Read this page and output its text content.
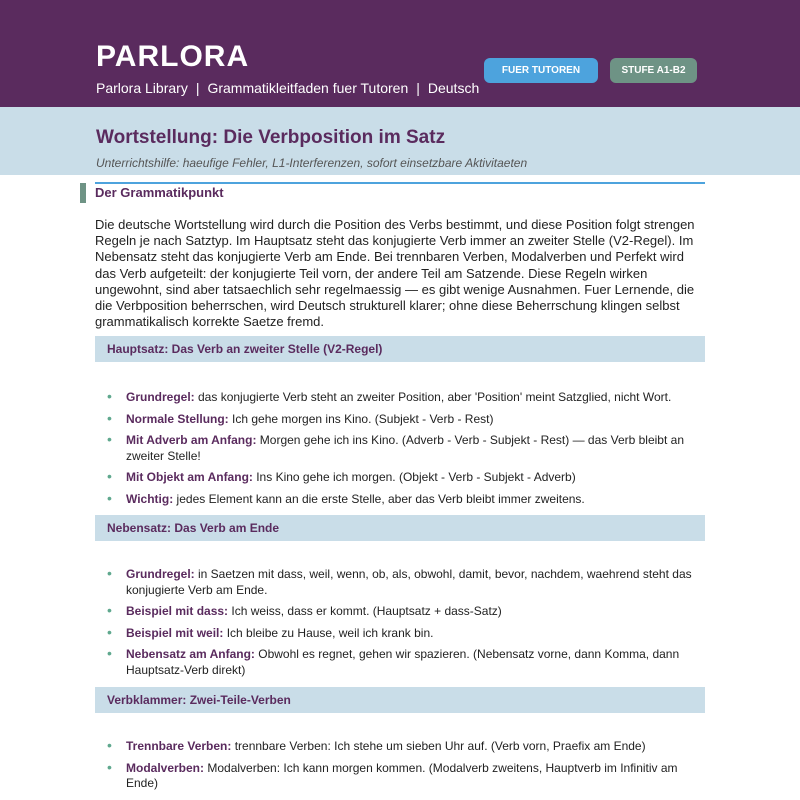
PARLORA
Parlora Library | Grammatikleitfaden fuer Tutoren | Deutsch
FUER TUTOREN	STUFE A1-B2
Wortstellung: Die Verbposition im Satz
Unterrichtshilfe: haeufige Fehler, L1-Interferenzen, sofort einsetzbare Aktivitaeten
Der Grammatikpunkt
Die deutsche Wortstellung wird durch die Position des Verbs bestimmt, und diese Position folgt strengen Regeln je nach Satztyp. Im Hauptsatz steht das konjugierte Verb immer an zweiter Stelle (V2-Regel). Im Nebensatz steht das konjugierte Verb am Ende. Bei trennbaren Verben, Modalverben und Perfekt wird das Verb aufgeteilt: der konjugierte Teil vorn, der andere Teil am Satzende. Diese Regeln wirken ungewohnt, sind aber tatsaechlich sehr regelmaessig — es gibt wenige Ausnahmen. Fuer Lernende, die die Verbposition beherrschen, wird Deutsch strukturell klarer; ohne diese Beherrschung klingen selbst grammatikalisch korrekte Saetze fremd.
Hauptsatz: Das Verb an zweiter Stelle (V2-Regel)
• Grundregel: das konjugierte Verb steht an zweiter Position, aber 'Position' meint Satzglied, nicht Wort.
• Normale Stellung: Ich gehe morgen ins Kino. (Subjekt - Verb - Rest)
• Mit Adverb am Anfang: Morgen gehe ich ins Kino. (Adverb - Verb - Subjekt - Rest) — das Verb bleibt an zweiter Stelle!
• Mit Objekt am Anfang: Ins Kino gehe ich morgen. (Objekt - Verb - Subjekt - Adverb)
• Wichtig: jedes Element kann an die erste Stelle, aber das Verb bleibt immer zweitens.
Nebensatz: Das Verb am Ende
• Grundregel: in Saetzen mit dass, weil, wenn, ob, als, obwohl, damit, bevor, nachdem, waehrend steht das konjugierte Verb am Ende.
• Beispiel mit dass: Ich weiss, dass er kommt. (Hauptsatz + dass-Satz)
• Beispiel mit weil: Ich bleibe zu Hause, weil ich krank bin.
• Nebensatz am Anfang: Obwohl es regnet, gehen wir spazieren. (Nebensatz vorne, dann Komma, dann Hauptsatz-Verb direkt)
Verbklammer: Zwei-Teile-Verben
• Trennbare Verben: trennbare Verben: Ich stehe um sieben Uhr auf. (Verb vorn, Praefix am Ende)
• Modalverben: Modalverben: Ich kann morgen kommen. (Modalverb zweitens, Hauptverb im Infinitiv am Ende)
